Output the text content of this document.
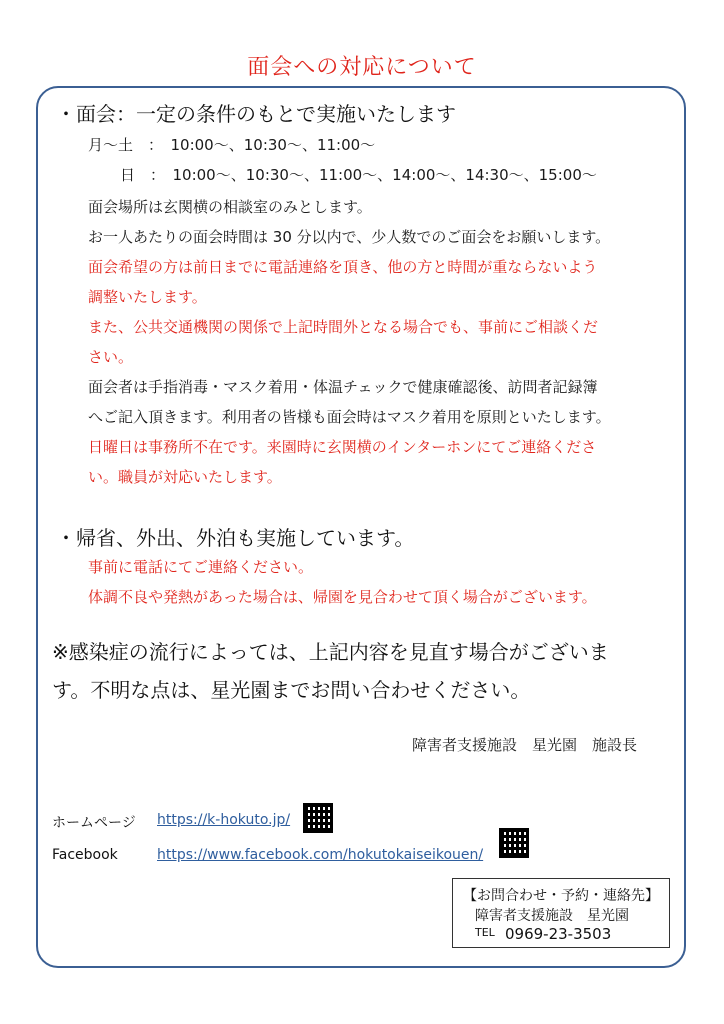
面会への対応について
・面会：一定の条件のもとで実施いたします
月～土　：　10:00～、10:30～、11:00～
日　：　10:00～、10:30～、11:00～、14:00～、14:30～、15:00～
面会場所は玄関横の相談室のみとします。
お一人あたりの面会時間は 30 分以内で、少人数でのご面会をお願いします。
面会希望の方は前日までに電話連絡を頂き、他の方と時間が重ならないよう
調整いたします。
また、公共交通機関の関係で上記時間外となる場合でも、事前にご相談くだ
さい。
面会者は手指消毒・マスク着用・体温チェックで健康確認後、訪問者記録簿
へご記入頂きます。利用者の皆様も面会時はマスク着用を原則といたします。
日曜日は事務所不在です。来園時に玄関横のインターホンにてご連絡くださ
い。職員が対応いたします。
・帰省、外出、外泊も実施しています。
事前に電話にてご連絡ください。
体調不良や発熱があった場合は、帰園を見合わせて頂く場合がございます。
※感染症の流行によっては、上記内容を見直す場合がございま
す。不明な点は、星光園までお問い合わせください。
障害者支援施設　星光園　施設長
ホームページ https://k-hokuto.jp/
Facebook	https://www.facebook.com/hokutokaiseikouen/
【お問合わせ・予約・連絡先】
障害者支援施設　星光園
TEL 0969-23-3503
